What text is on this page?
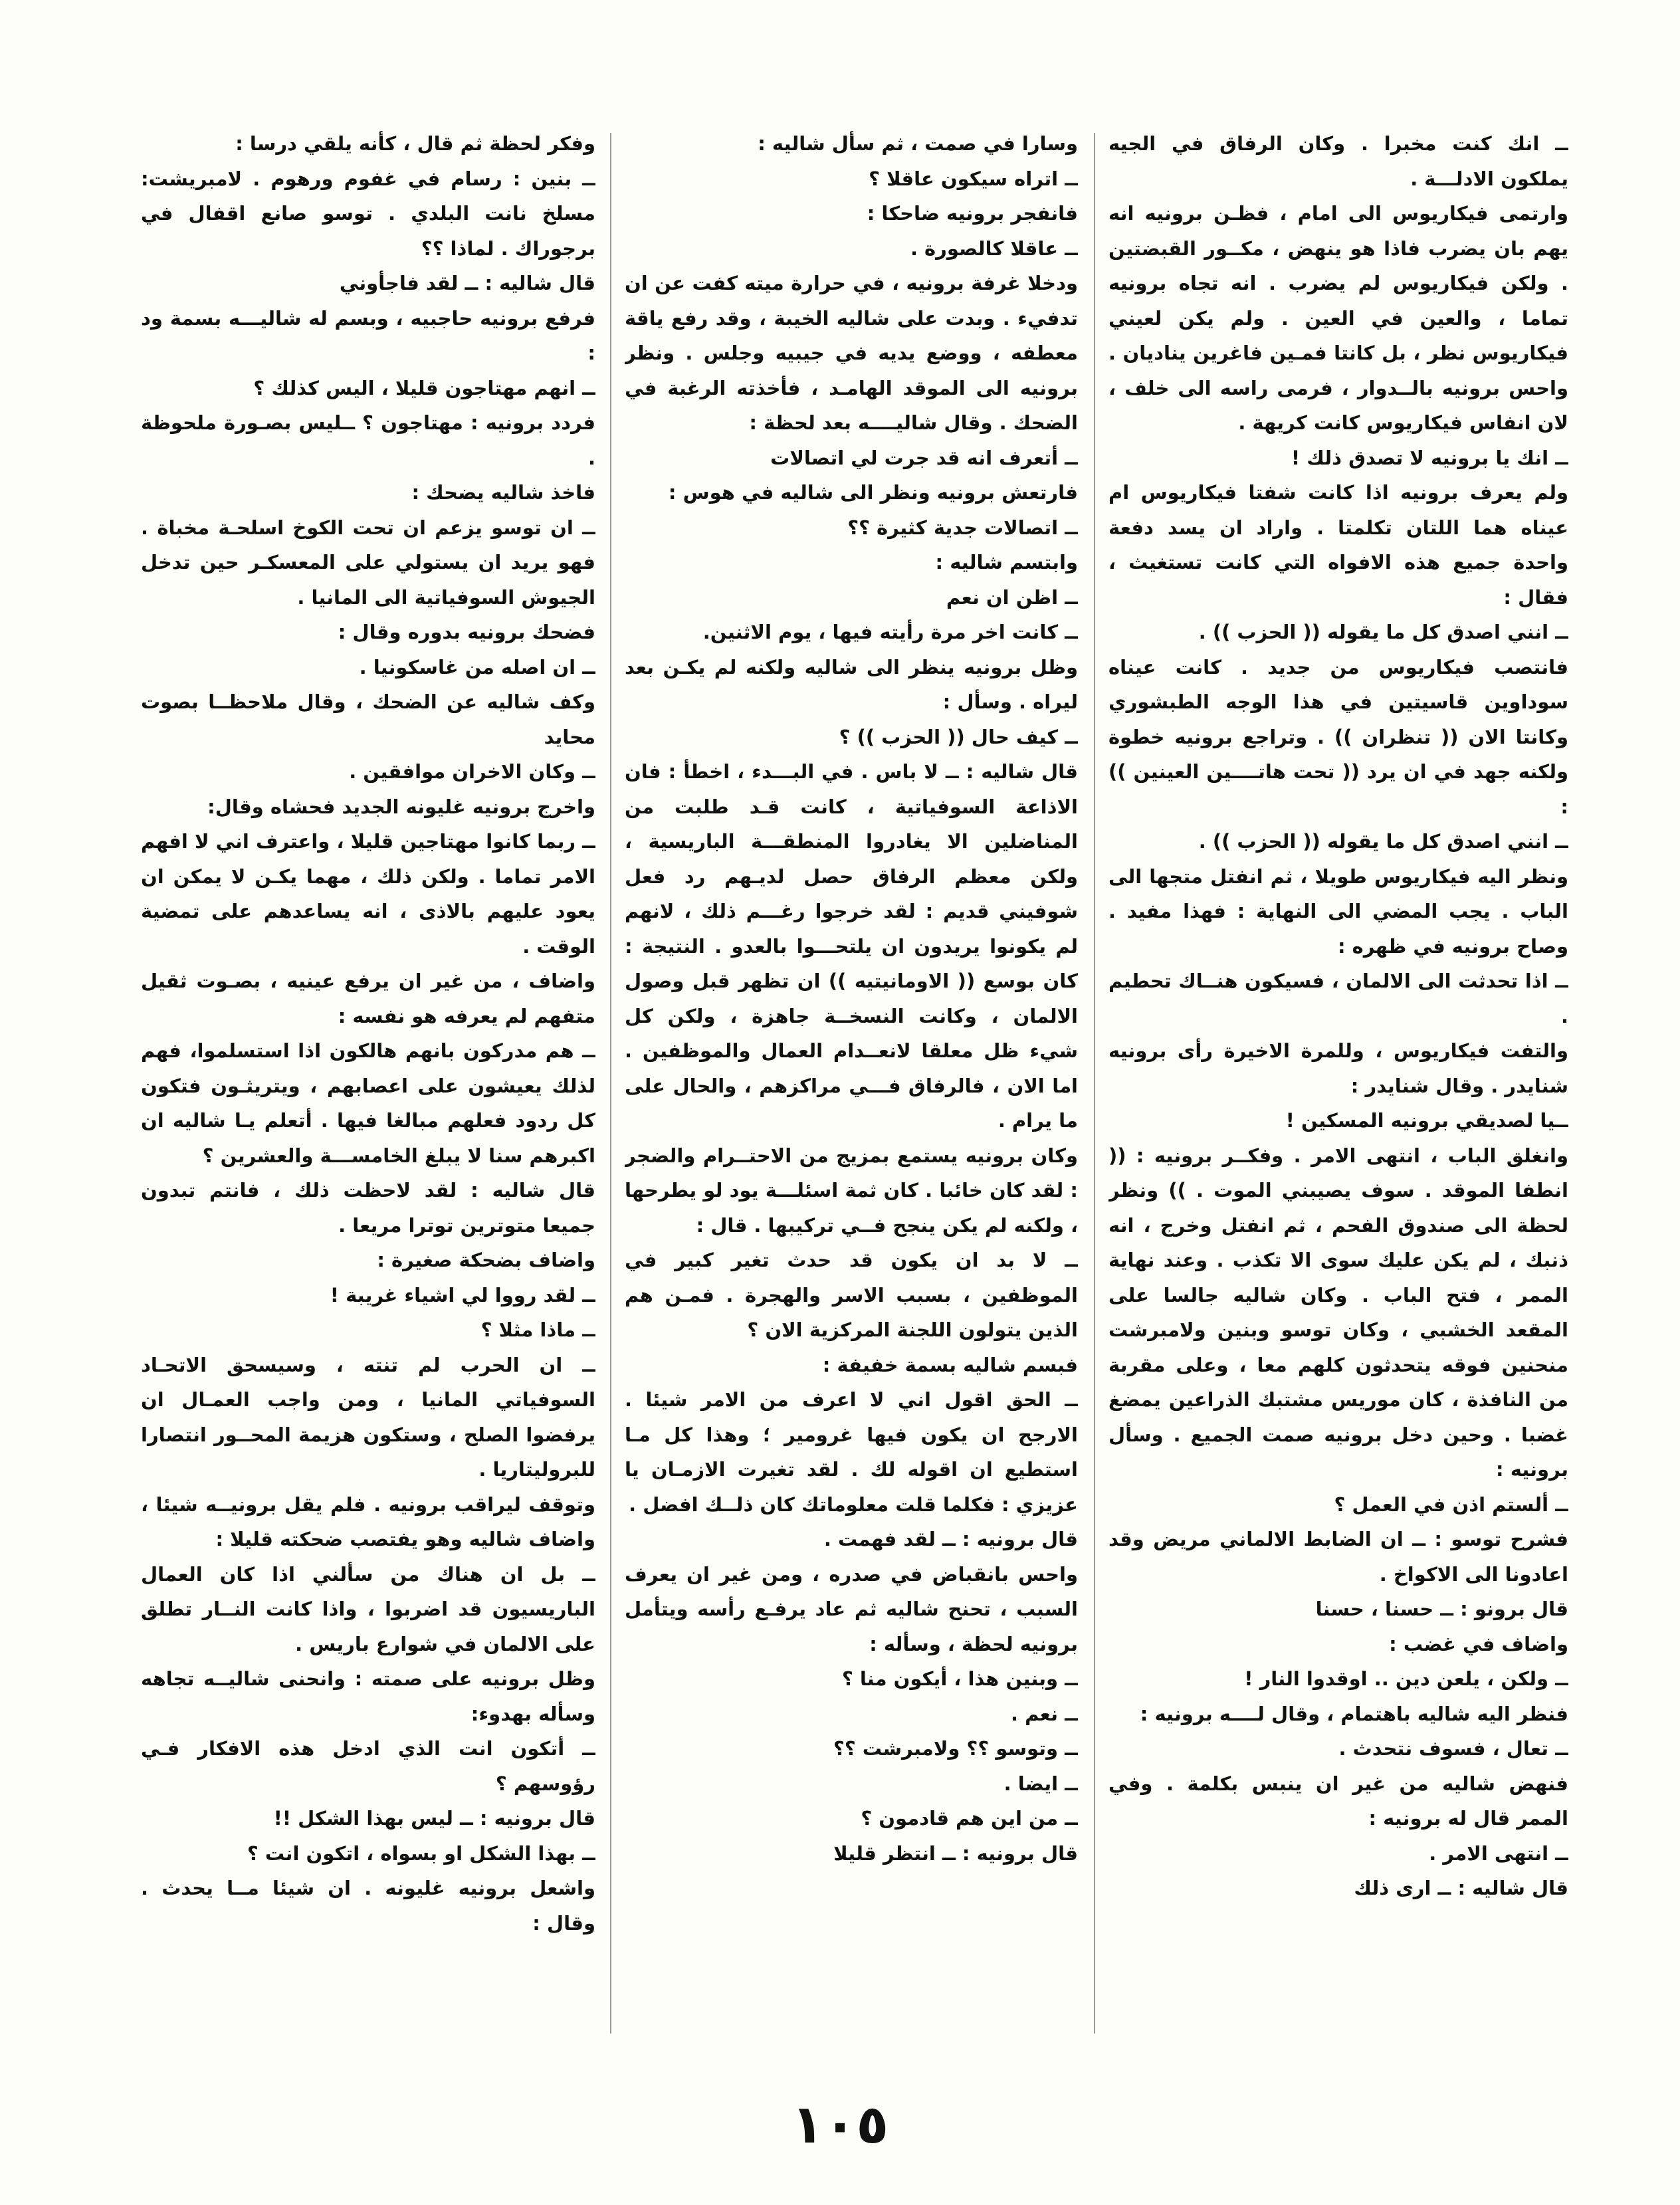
ــ انك كنت مخبرا . وكان الرفاق في الجيه يملكون الادلـــة .

وارتمى فيكاريوس الى امام ، فظـن برونيه انه يهم بان يضرب فاذا هو ينهض ، مكــور القبضتين . ولكن فيكاريوس لم يضرب . انه تجاه برونيه تماما ، والعين في العين . ولم يكن لعيني فيكاريوس نظر ، بل كانتا فمـين فاغرين يناديان . واحس برونيه بالــدوار ، فرمى راسه الى خلف ، لان انفاس فيكاريوس كانت كريهة .

ــ انك يا برونيه لا تصدق ذلك !

ولم يعرف برونيه اذا كانت شفتا فيكاريوس ام عيناه هما اللتان تكلمتا . واراد ان يسد دفعة واحدة جميع هذه الافواه التي كانت تستغيث ، فقال :

ــ انني اصدق كل ما يقوله (( الحزب )) .

فانتصب فيكاريوس من جديد . كانت عيناه سوداوين قاسيتين في هذا الوجه الطبشوري وكانتا الان (( تنظران )) . وتراجع برونيه خطوة ولكنه جهد في ان يرد (( تحت هاتــــين العينين )) :

ــ انني اصدق كل ما يقوله (( الحزب )) .

ونظر اليه فيكاريوس طويلا ، ثم انفتل متجها الى الباب . يجب المضي الى النهاية : فهذا مفيد . وصاح برونيه في ظهره :

ــ اذا تحدثت الى الالمان ، فسيكون هنــاك تحطيم .

والتفت فيكاريوس ، وللمرة الاخيرة رأى برونيه شنايدر . وقال شنايدر :

ــيا لصديقي برونيه المسكين !

وانغلق الباب ، انتهى الامر . وفكــر برونيه : (( انطفا الموقد . سوف يصيبني الموت . )) ونظر لحظة الى صندوق الفحم ، ثم انفتل وخرج ، انه ذنبك ، لم يكن عليك سوى الا تكذب . وعند نهاية الممر ، فتح الباب . وكان شاليه جالسا على المقعد الخشبي ، وكان توسو وبنين ولامبرشت منحنين فوقه يتحدثون كلهم معا ، وعلى مقربة من النافذة ، كان موريس مشتبك الذراعين يمضغ غضبا . وحين دخل برونيه صمت الجميع . وسأل برونيه :

ــ ألستم اذن في العمل ؟

فشرح توسو : ــ ان الضابط الالماني مريض وقد اعادونا الى الاكواخ .

قال برونو : ــ حسنا ، حسنا

واضاف في غضب :

ــ ولكن ، يلعن دين .. اوقدوا النار !

فنظر اليه شاليه باهتمام ، وقال لــــه برونيه :

ــ تعال ، فسوف نتحدث .

فنهض شاليه من غير ان ينبس بكلمة . وفي الممر قال له برونيه :

ــ انتهى الامر .

قال شاليه : ــ ارى ذلك

وسارا في صمت ، ثم سأل شاليه :

ــ اتراه سيكون عاقلا ؟

فانفجر برونيه ضاحكا :

ــ عاقلا كالصورة .

ودخلا غرفة برونيه ، في حرارة ميته كفت عن ان تدفيء . وبدت على شاليه الخيبة ، وقد رفع ياقة معطفه ، ووضع يديه في جيبيه وجلس . ونظر برونيه الى الموقد الهامـد ، فأخذته الرغبة في الضحك . وقال شاليــــه بعد لحظة :

ــ أتعرف انه قد جرت لي اتصالات

فارتعش برونيه ونظر الى شاليه في هوس :

ــ اتصالات جدية كثيرة ؟؟

وابتسم شاليه :

ــ اظن ان نعم

ــ كانت اخر مرة رأيته فيها ، يوم الاثنين.

وظل برونيه ينظر الى شاليه ولكنه لم يكـن بعد ليراه . وسأل :

ــ كيف حال (( الحزب )) ؟

قال شاليه : ــ لا باس . في البـــدء ، اخطأ : فان الاذاعة السوفياتية ، كانت قـد طلبت من المناضلين الا يغادروا المنطقـــة الباريسية ، ولكن معظم الرفاق حصل لديـهم رد فعل شوفيني قديم : لقد خرجوا رغـــم ذلك ، لانهم لم يكونوا يريدون ان يلتحـــوا بالعدو . النتيجة : كان بوسع (( الاومانيتيه )) ان تظهر قبل وصول الالمان ، وكانت النسخــة جاهزة ، ولكن كل شيء ظل معلقا لانعــدام العمال والموظفين . اما الان ، فالرفاق فـــي مراكزهم ، والحال على ما يرام .

وكان برونيه يستمع بمزيج من الاحتــرام والضجر : لقد كان خائبا . كان ثمة اسئلـــة يود لو يطرحها ، ولكنه لم يكن ينجح فــي تركيبها . قال :

ــ لا بد ان يكون قد حدث تغير كبير في الموظفين ، بسبب الاسر والهجرة . فمـن هم الذين يتولون اللجنة المركزية الان ؟

فبسم شاليه بسمة خفيفة :

ــ الحق اقول اني لا اعرف من الامر شيئا . الارجح ان يكون فيها غرومير ؛ وهذا كل مـا استطيع ان اقوله لك . لقد تغيرت الازمـان يا عزيزي : فكلما قلت معلوماتك كان ذلــك افضل .

قال برونيه : ــ لقد فهمت .

واحس بانقباض في صدره ، ومن غير ان يعرف السبب ، تحنح شاليه ثم عاد يرفـع رأسه ويتأمل برونيه لحظة ، وسأله :

ــ وبنين هذا ، أيكون منا ؟

ــ نعم .

ــ وتوسو ؟؟ ولامبرشت ؟؟

ــ ايضا .

ــ من اين هم قادمون ؟

قال برونيه : ــ انتظر قليلا

وفكر لحظة ثم قال ، كأنه يلقي درسا :

ــ بنين : رسام في غفوم ورهوم . لامبريشت: مسلخ نانت البلدي . توسو صانع اقفال في برجوراك . لماذا ؟؟

قال شاليه : ــ لقد فاجأوني

فرفع برونيه حاجبيه ، وبسم له شاليـــه بسمة ود :

ــ انهم مهتاجون قليلا ، اليس كذلك ؟

فردد برونيه : مهتاجون ؟ ــليس بصـورة ملحوظة .

فاخذ شاليه يضحك :

ــ ان توسو يزعم ان تحت الكوخ اسلحـة مخباة . فهو يريد ان يستولي على المعسكـر حين تدخل الجيوش السوفياتية الى المانيا .

فضحك برونيه بدوره وقال :

ــ ان اصله من غاسكونيا .

وكف شاليه عن الضحك ، وقال ملاحظــا بصوت محايد

ــ وكان الاخران موافقين .

واخرج برونيه غليونه الجديد فحشاه وقال:

ــ ربما كانوا مهتاجين قليلا ، واعترف اني لا افهم الامر تماما . ولكن ذلك ، مهما يكـن لا يمكن ان يعود عليهم بالاذى ، انه يساعدهم على تمضية الوقت .

واضاف ، من غير ان يرفع عينيه ، بصـوت ثقيل متفهم لم يعرفه هو نفسه :

ــ هم مدركون بانهم هالكون اذا استسلموا، فهم لذلك يعيشون على اعصابهم ، ويتريثـون فتكون كل ردود فعلهم مبالغا فيها . أتعلم يـا شاليه ان اكبرهم سنا لا يبلغ الخامســـة والعشرين ؟

قال شاليه : لقد لاحظت ذلك ، فانتم تبدون جميعا متوترين توترا مريعا .

واضاف بضحكة صغيرة :

ــ لقد رووا لي اشياء غريبة !

ــ ماذا مثلا ؟

ــ ان الحرب لم تنته ، وسيسحق الاتحـاد السوفياتي المانيا ، ومن واجب العمـال ان يرفضوا الصلح ، وستكون هزيمة المحــور انتصارا للبروليتاريا .

وتوقف ليراقب برونيه . فلم يقل برونيــه شيئا ، واضاف شاليه وهو يفتصب ضحكته قليلا :

ــ بل ان هناك من سألني اذا كان العمال الباريسيون قد اضربوا ، واذا كانت النــار تطلق على الالمان في شوارع باريس .

وظل برونيه على صمته : وانحنى شاليــه تجاهه وسأله بهدوء:

ــ أتكون انت الذي ادخل هذه الافكار فـي رؤوسهم ؟

قال برونيه : ــ ليس بهذا الشكل !!

ــ بهذا الشكل او بسواه ، اتكون انت ؟

واشعل برونيه غليونه . ان شيئا مــا يحدث . وقال :

١٠٥
